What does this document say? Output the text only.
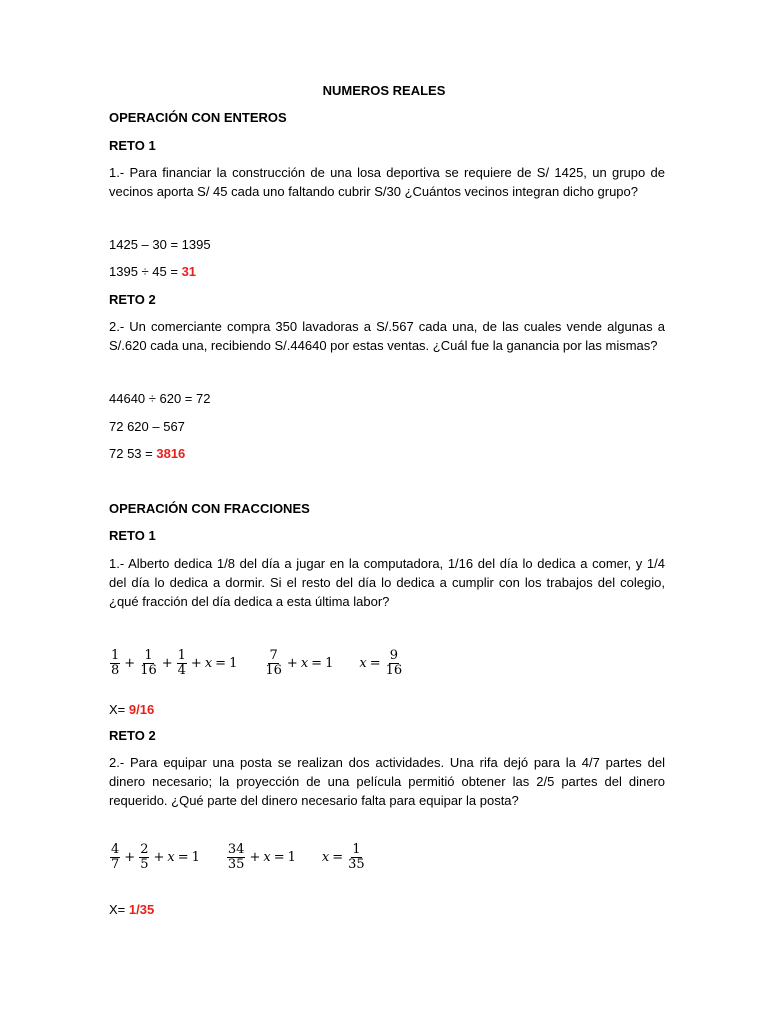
NUMEROS REALES
OPERACIÓN CON ENTEROS
RETO 1
1.- Para financiar la construcción de una losa deportiva se requiere de S/ 1425, un grupo de
vecinos aporta S/ 45 cada uno faltando cubrir S/30 ¿Cuántos vecinos integran dicho grupo?
1425 – 30 = 1395
1395 ÷ 45 = 31
RETO 2
2.- Un comerciante compra 350 lavadoras a S/.567 cada una, de las cuales vende algunas a
S/.620 cada una, recibiendo S/.44640 por estas ventas. ¿Cuál fue la ganancia por las mismas?
44640 ÷ 620 = 72
72 620 – 567
72 53 = 3816
OPERACIÓN CON FRACCIONES
RETO 1
1.- Alberto dedica 1/8 del día a jugar en la computadora, 1/16 del día lo dedica a comer, y 1/4
del día lo dedica a dormir. Si el resto del día lo dedica a cumplir con los trabajos del colegio,
¿qué fracción del día dedica a esta última labor?
$\frac{1}{8} + \frac{1}{16} + \frac{1}{4} + x = 1 \frac{7}{16} + x = 1$ $x = \frac{9}{16}$
X= 9/16
RETO 2
2.- Para equipar una posta se realizan dos actividades. Una rifa dejó para la 4/7 partes del
dinero necesario; la proyección de una película permitió obtener las 2/5 partes del dinero
requerido. ¿Qué parte del dinero necesario falta para equipar la posta?
$\frac{4}{7} + \frac{2}{5} + x = 1 \frac{34}{35} + x = 1$ $x = \frac{1}{35}$
X= 1/35
